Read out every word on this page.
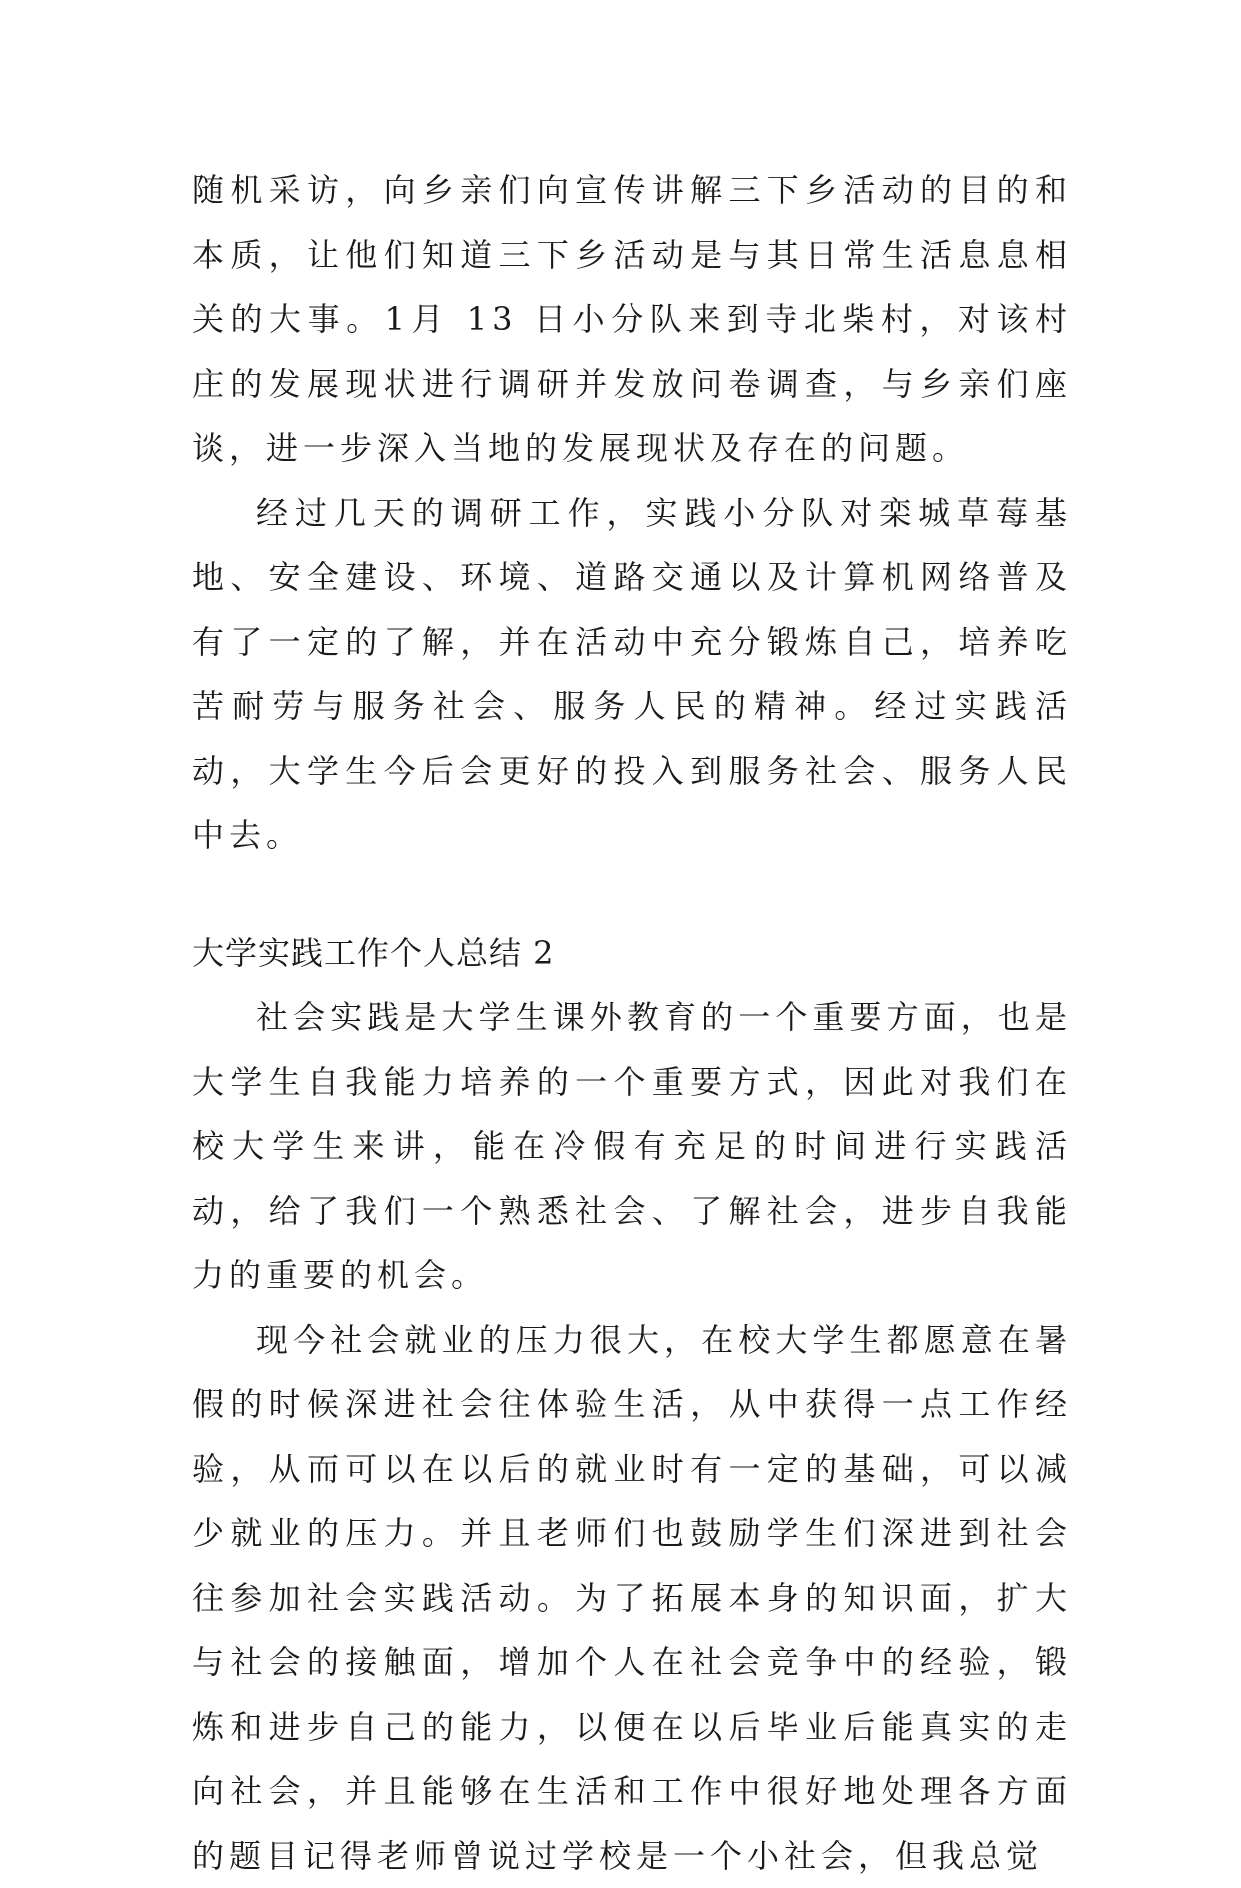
随机采访，向乡亲们向宣传讲解三下乡活动的目的和本质，让他们知道三下乡活动是与其日常生活息息相关的大事。1月 13 日小分队来到寺北柴村，对该村庄的发展现状进行调研并发放问卷调查，与乡亲们座谈，进一步深入当地的发展现状及存在的问题。

经过几天的调研工作，实践小分队对栾城草莓基地、安全建设、环境、道路交通以及计算机网络普及有了一定的了解，并在活动中充分锻炼自己，培养吃苦耐劳与服务社会、服务人民的精神。经过实践活动，大学生今后会更好的投入到服务社会、服务人民中去。

大学实践工作个人总结 2

社会实践是大学生课外教育的一个重要方面，也是大学生自我能力培养的一个重要方式，因此对我们在校大学生来讲，能在冷假有充足的时间进行实践活动，给了我们一个熟悉社会、了解社会，进步自我能力的重要的机会。

现今社会就业的压力很大，在校大学生都愿意在暑假的时候深进社会往体验生活，从中获得一点工作经验，从而可以在以后的就业时有一定的基础，可以减少就业的压力。并且老师们也鼓励学生们深进到社会往参加社会实践活动。为了拓展本身的知识面，扩大与社会的接触面，增加个人在社会竞争中的经验，锻炼和进步自己的能力，以便在以后毕业后能真实的走向社会，并且能够在生活和工作中很好地处理各方面的题目记得老师曾说过学校是一个小社会，但我总觉
